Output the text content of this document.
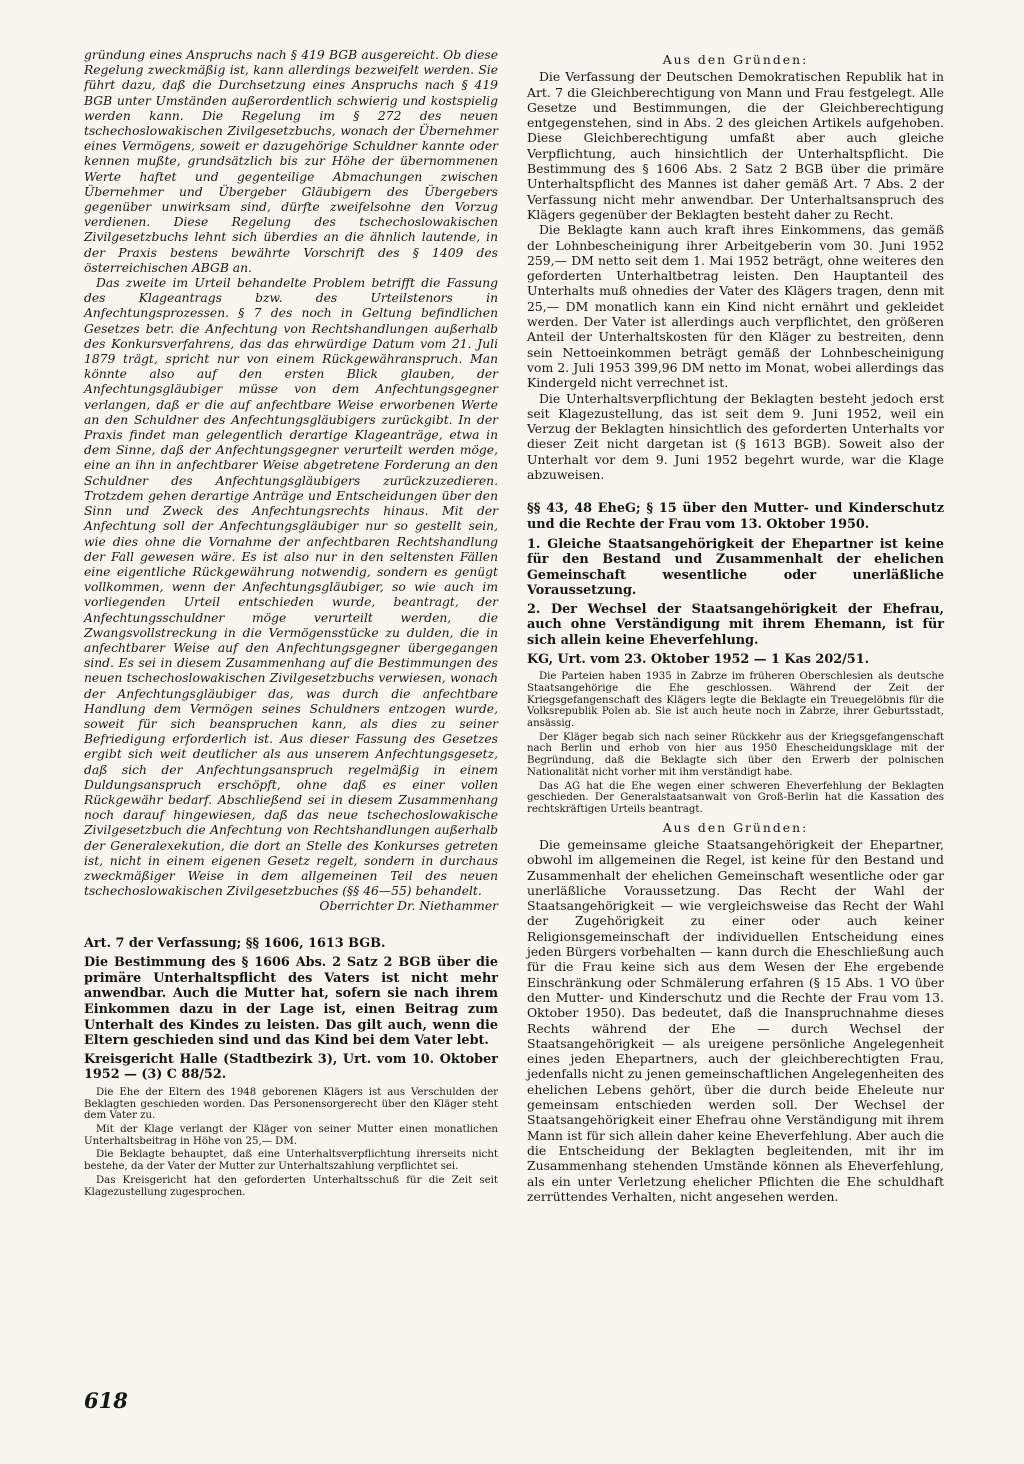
gründung eines Anspruchs nach § 419 BGB ausgereicht. Ob diese Regelung zweckmäßig ist, kann allerdings bezweifelt werden. Sie führt dazu, daß die Durchsetzung eines Anspruchs nach § 419 BGB unter Umständen außerordentlich schwierig und kostspielig werden kann. Die Regelung im § 272 des neuen tschechoslowakischen Zivilgesetzbuchs, wonach der Übernehmer eines Vermögens, soweit er dazugehörige Schuldner kannte oder kennen mußte, grundsätzlich bis zur Höhe der übernommenen Werte haftet und gegenteilige Abmachungen zwischen Übernehmer und Übergeber Gläubigern des Übergebers gegenüber unwirksam sind, dürfte zweifelsohne den Vorzug verdienen. Diese Regelung des tschechoslowakischen Zivilgesetzbuchs lehnt sich überdies an die ähnlich lautende, in der Praxis bestens bewährte Vorschrift des § 1409 des österreichischen ABGB an.

Das zweite im Urteil behandelte Problem betrifft die Fassung des Klageantrags bzw. des Urteilstenors in Anfechtungsprozessen. § 7 des noch in Geltung befindlichen Gesetzes betr. die Anfechtung von Rechtshandlungen außerhalb des Konkursverfahrens, das das ehrwürdige Datum vom 21. Juli 1879 trägt, spricht nur von einem Rückgewähranspruch. Man könnte also auf den ersten Blick glauben, der Anfechtungsgläubiger müsse von dem Anfechtungsgegner verlangen, daß er die auf anfechtbare Weise erworbenen Werte an den Schuldner des Anfechtungsgläubigers zurückgibt. In der Praxis findet man gelegentlich derartige Klageanträge, etwa in dem Sinne, daß der Anfechtungsgegner verurteilt werden möge, eine an ihn in anfechtbarer Weise abgetretene Forderung an den Schuldner des Anfechtungsgläubigers zurückzuzedieren. Trotzdem gehen derartige Anträge und Entscheidungen über den Sinn und Zweck des Anfechtungsrechts hinaus. Mit der Anfechtung soll der Anfechtungsgläubiger nur so gestellt sein, wie dies ohne die Vornahme der anfechtbaren Rechtshandlung der Fall gewesen wäre. Es ist also nur in den seltensten Fällen eine eigentliche Rückgewährung notwendig, sondern es genügt vollkommen, wenn der Anfechtungsgläubiger, so wie auch im vorliegenden Urteil entschieden wurde, beantragt, der Anfechtungsschuldner möge verurteilt werden, die Zwangsvollstreckung in die Vermögensstücke zu dulden, die in anfechtbarer Weise auf den Anfechtungsgegner übergegangen sind. Es sei in diesem Zusammenhang auf die Bestimmungen des neuen tschechoslowakischen Zivilgesetzbuchs verwiesen, wonach der Anfechtungsgläubiger das, was durch die anfechtbare Handlung dem Vermögen seines Schuldners entzogen wurde, soweit für sich beanspruchen kann, als dies zu seiner Befriedigung erforderlich ist. Aus dieser Fassung des Gesetzes ergibt sich weit deutlicher als aus unserem Anfechtungsgesetz, daß sich der Anfechtungsanspruch regelmäßig in einem Duldungsanspruch erschöpft, ohne daß es einer vollen Rückgewähr bedarf. Abschließend sei in diesem Zusammenhang noch darauf hingewiesen, daß das neue tschechoslowakische Zivilgesetzbuch die Anfechtung von Rechtshandlungen außerhalb der Generalexekution, die dort an Stelle des Konkurses getreten ist, nicht in einem eigenen Gesetz regelt, sondern in durchaus zweckmäßiger Weise in dem allgemeinen Teil des neuen tschechoslowakischen Zivilgesetzbuches (§§ 46—55) behandelt.

Oberrichter Dr. Niethammer

Art. 7 der Verfassung; §§ 1606, 1613 BGB.

Die Bestimmung des § 1606 Abs. 2 Satz 2 BGB über die primäre Unterhaltspflicht des Vaters ist nicht mehr anwendbar. Auch die Mutter hat, sofern sie nach ihrem Einkommen dazu in der Lage ist, einen Beitrag zum Unterhalt des Kindes zu leisten. Das gilt auch, wenn die Eltern geschieden sind und das Kind bei dem Vater lebt.

Kreisgericht Halle (Stadtbezirk 3), Urt. vom 10. Oktober 1952 — (3) C 88/52.

Die Ehe der Eltern des 1948 geborenen Klägers ist aus Verschulden der Beklagten geschieden worden. Das Personensorgerecht über den Kläger steht dem Vater zu.

Mit der Klage verlangt der Kläger von seiner Mutter einen monatlichen Unterhaltsbeitrag in Höhe von 25,— DM.

Die Beklagte behauptet, daß eine Unterhaltsverpflichtung ihrerseits nicht bestehe, da der Vater der Mutter zur Unterhaltszahlung verpflichtet sei.

Das Kreisgericht hat den geforderten Unterhaltsschuß für die Zeit seit Klagezustellung zugesprochen.

Aus den Gründen:

Die Verfassung der Deutschen Demokratischen Republik hat in Art. 7 die Gleichberechtigung von Mann und Frau festgelegt. Alle Gesetze und Bestimmungen, die der Gleichberechtigung entgegenstehen, sind in Abs. 2 des gleichen Artikels aufgehoben. Diese Gleichberechtigung umfaßt aber auch gleiche Verpflichtung, auch hinsichtlich der Unterhaltspflicht. Die Bestimmung des § 1606 Abs. 2 Satz 2 BGB über die primäre Unterhaltspflicht des Mannes ist daher gemäß Art. 7 Abs. 2 der Verfassung nicht mehr anwendbar. Der Unterhaltsanspruch des Klägers gegenüber der Beklagten besteht daher zu Recht.

Die Beklagte kann auch kraft ihres Einkommens, das gemäß der Lohnbescheinigung ihrer Arbeitgeberin vom 30. Juni 1952 259,— DM netto seit dem 1. Mai 1952 beträgt, ohne weiteres den geforderten Unterhaltbetrag leisten. Den Hauptanteil des Unterhalts muß ohnedies der Vater des Klägers tragen, denn mit 25,— DM monatlich kann ein Kind nicht ernährt und gekleidet werden. Der Vater ist allerdings auch verpflichtet, den größeren Anteil der Unterhaltskosten für den Kläger zu bestreiten, denn sein Nettoeinkommen beträgt gemäß der Lohnbescheinigung vom 2. Juli 1953 399,96 DM netto im Monat, wobei allerdings das Kindergeld nicht verrechnet ist.

Die Unterhaltsverpflichtung der Beklagten besteht jedoch erst seit Klagezustellung, das ist seit dem 9. Juni 1952, weil ein Verzug der Beklagten hinsichtlich des geforderten Unterhalts vor dieser Zeit nicht dargetan ist (§ 1613 BGB). Soweit also der Unterhalt vor dem 9. Juni 1952 begehrt wurde, war die Klage abzuweisen.

§§ 43, 48 EheG; § 15 über den Mutter- und Kinderschutz und die Rechte der Frau vom 13. Oktober 1950.

1. Gleiche Staatsangehörigkeit der Ehepartner ist keine für den Bestand und Zusammenhalt der ehelichen Gemeinschaft wesentliche oder unerläßliche Voraussetzung.

2. Der Wechsel der Staatsangehörigkeit der Ehefrau, auch ohne Verständigung mit ihrem Ehemann, ist für sich allein keine Eheverfehlung.

KG, Urt. vom 23. Oktober 1952 — 1 Kas 202/51.

Die Parteien haben 1935 in Zabrze im früheren Oberschlesien als deutsche Staatsangehörige die Ehe geschlossen. Während der Zeit der Kriegsgefangenschaft des Klägers legte die Beklagte ein Treuegelöbnis für die Volksrepublik Polen ab. Sie ist auch heute noch in Zabrze, ihrer Geburtsstadt, ansässig.

Der Kläger begab sich nach seiner Rückkehr aus der Kriegsgefangenschaft nach Berlin und erhob von hier aus 1950 Ehescheidungsklage mit der Begründung, daß die Beklagte sich über den Erwerb der polnischen Nationalität nicht vorher mit ihm verständigt habe.

Das AG hat die Ehe wegen einer schweren Eheverfehlung der Beklagten geschieden. Der Generalstaatsanwalt von Groß-Berlin hat die Kassation des rechtskräftigen Urteils beantragt.

Aus den Gründen:

Die gemeinsame gleiche Staatsangehörigkeit der Ehepartner, obwohl im allgemeinen die Regel, ist keine für den Bestand und Zusammenhalt der ehelichen Gemeinschaft wesentliche oder gar unerläßliche Voraussetzung. Das Recht der Wahl der Staatsangehörigkeit — wie vergleichsweise das Recht der Wahl der Zugehörigkeit zu einer oder auch keiner Religionsgemeinschaft der individuellen Entscheidung eines jeden Bürgers vorbehalten — kann durch die Eheschließung auch für die Frau keine sich aus dem Wesen der Ehe ergebende Einschränkung oder Schmälerung erfahren (§ 15 Abs. 1 VO über den Mutter- und Kinderschutz und die Rechte der Frau vom 13. Oktober 1950). Das bedeutet, daß die Inanspruchnahme dieses Rechts während der Ehe — durch Wechsel der Staatsangehörigkeit — als ureigene persönliche Angelegenheit eines jeden Ehepartners, auch der gleichberechtigten Frau, jedenfalls nicht zu jenen gemeinschaftlichen Angelegenheiten des ehelichen Lebens gehört, über die durch beide Eheleute nur gemeinsam entschieden werden soll. Der Wechsel der Staatsangehörigkeit einer Ehefrau ohne Verständigung mit ihrem Mann ist für sich allein daher keine Eheverfehlung. Aber auch die die Entscheidung der Beklagten begleitenden, mit ihr im Zusammenhang stehenden Umstände können als Eheverfehlung, als ein unter Verletzung ehelicher Pflichten die Ehe schuldhaft zerrüttendes Verhalten, nicht angesehen werden.

618
